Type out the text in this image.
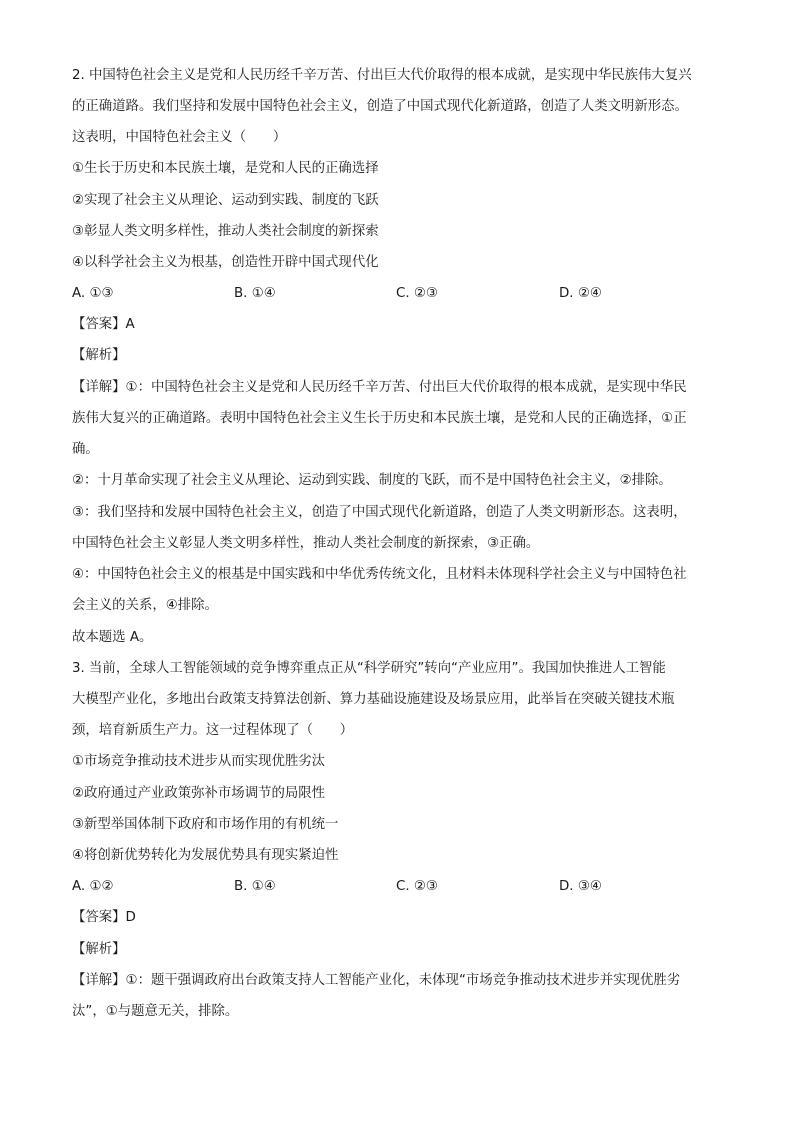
2. 中国特色社会主义是党和人民历经千辛万苦、付出巨大代价取得的根本成就，是实现中华民族伟大复兴
的正确道路。我们坚持和发展中国特色社会主义，创造了中国式现代化新道路，创造了人类文明新形态。
这表明，中国特色社会主义（　　）
①生长于历史和本民族土壤，是党和人民的正确选择
②实现了社会主义从理论、运动到实践、制度的飞跃
③彰显人类文明多样性，推动人类社会制度的新探索
④以科学社会主义为根基，创造性开辟中国式现代化
A. ①③	B. ①④	C. ②③	D. ②④
【答案】A
【解析】
【详解】①：中国特色社会主义是党和人民历经千辛万苦、付出巨大代价取得的根本成就，是实现中华民
族伟大复兴的正确道路。表明中国特色社会主义生长于历史和本民族土壤，是党和人民的正确选择，①正
确。
②：十月革命实现了社会主义从理论、运动到实践、制度的飞跃，而不是中国特色社会主义，②排除。
③：我们坚持和发展中国特色社会主义，创造了中国式现代化新道路，创造了人类文明新形态。这表明，
中国特色社会主义彰显人类文明多样性，推动人类社会制度的新探索，③正确。
④：中国特色社会主义的根基是中国实践和中华优秀传统文化，且材料未体现科学社会主义与中国特色社
会主义的关系，④排除。
故本题选 A。
3. 当前，全球人工智能领域的竞争博弈重点正从“科学研究”转向“产业应用”。我国加快推进人工智能
大模型产业化，多地出台政策支持算法创新、算力基础设施建设及场景应用，此举旨在突破关键技术瓶
颈，培育新质生产力。这一过程体现了（　　）
①市场竞争推动技术进步从而实现优胜劣汰
②政府通过产业政策弥补市场调节的局限性
③新型举国体制下政府和市场作用的有机统一
④将创新优势转化为发展优势具有现实紧迫性
A. ①②	B. ①④	C. ②③	D. ③④
【答案】D
【解析】
【详解】①：题干强调政府出台政策支持人工智能产业化，未体现“市场竞争推动技术进步并实现优胜劣
汰”，①与题意无关，排除。
